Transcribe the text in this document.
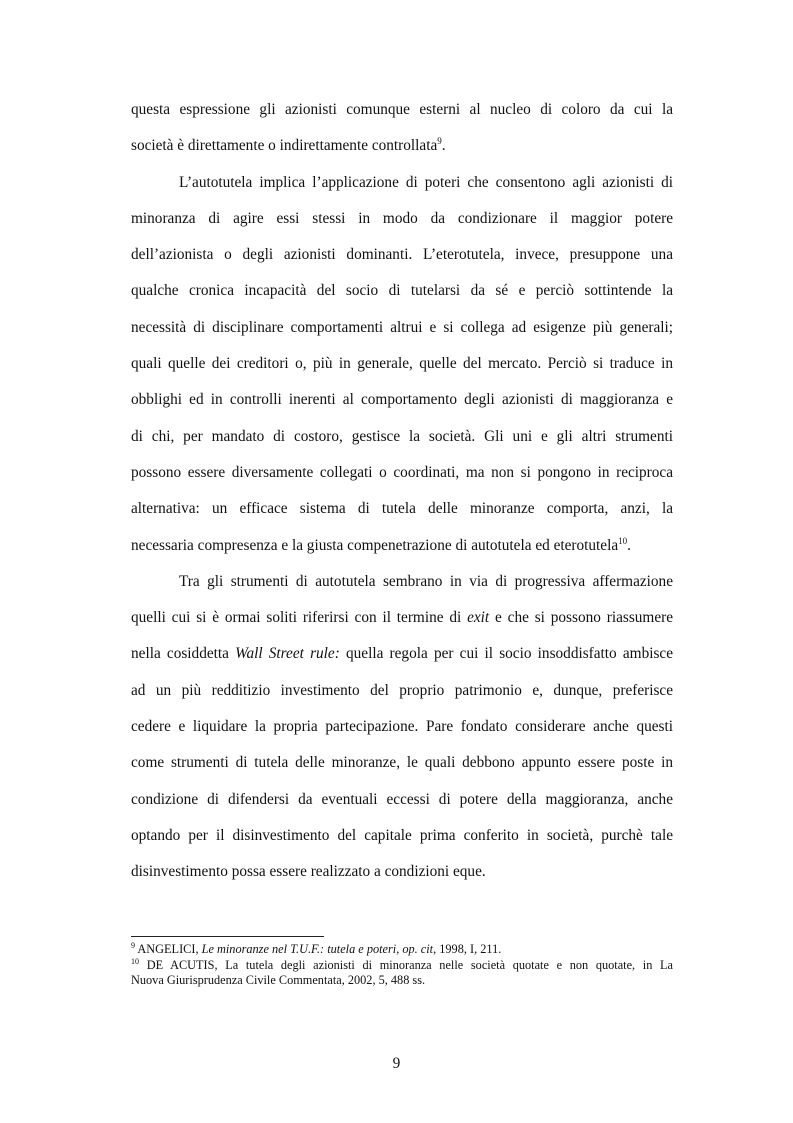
questa espressione gli azionisti comunque esterni al nucleo di coloro da cui la
società è direttamente o indirettamente controllata$^9$.
L’autotutela implica l’applicazione di poteri che consentono agli azionisti di
minoranza di agire essi stessi in modo da condizionare il maggior potere
dell’azionista o degli azionisti dominanti. L’eterotutela, invece, presuppone una
qualche cronica incapacità del socio di tutelarsi da sé e perciò sottintende la
necessità di disciplinare comportamenti altrui e si collega ad esigenze più generali;
quali quelle dei creditori o, più in generale, quelle del mercato. Perciò si traduce in
obblighi ed in controlli inerenti al comportamento degli azionisti di maggioranza e
di chi, per mandato di costoro, gestisce la società. Gli uni e gli altri strumenti
possono essere diversamente collegati o coordinati, ma non si pongono in reciproca
alternativa: un efficace sistema di tutela delle minoranze comporta, anzi, la
necessaria compresenza e la giusta compenetrazione di autotutela ed eterotutela$^{10}$.
Tra gli strumenti di autotutela sembrano in via di progressiva affermazione
quelli cui si è ormai soliti riferirsi con il termine di exit e che si possono riassumere
nella cosiddetta Wall Street rule: quella regola per cui il socio insoddisfatto ambisce
ad un più redditizio investimento del proprio patrimonio e, dunque, preferisce
cedere e liquidare la propria partecipazione. Pare fondato considerare anche questi
come strumenti di tutela delle minoranze, le quali debbono appunto essere poste in
condizione di difendersi da eventuali eccessi di potere della maggioranza, anche
optando per il disinvestimento del capitale prima conferito in società, purchè tale
disinvestimento possa essere realizzato a condizioni eque.
$^9$ ANGELICI, Le minoranze nel T.U.F.: tutela e poteri, op. cit, 1998, I, 211.
$^{10}$ DE ACUTIS, La tutela degli azionisti di minoranza nelle società quotate e non quotate, in La
Nuova Giurisprudenza Civile Commentata, 2002, 5, 488 ss.
9
